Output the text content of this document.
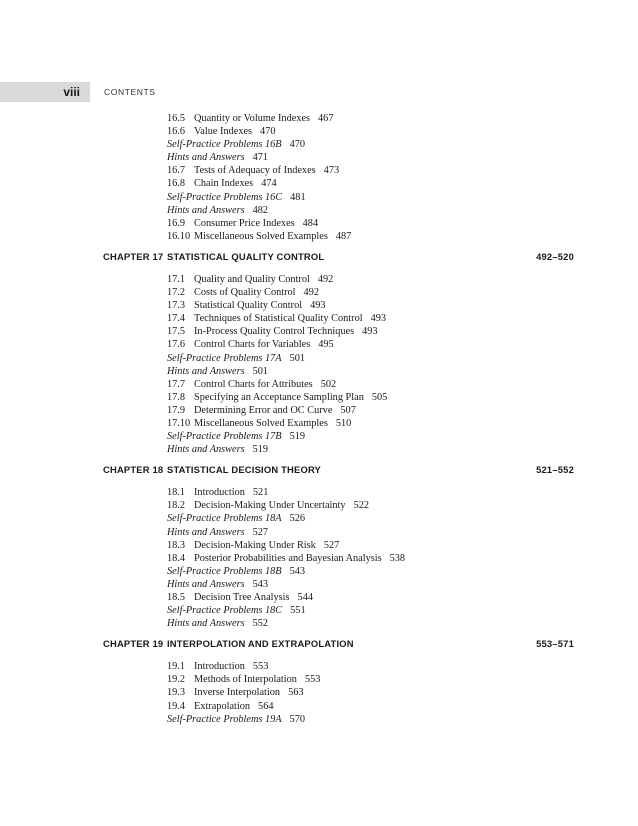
viii	CONTENTS
16.5 Quantity or Volume Indexes 467
16.6 Value Indexes 470
Self-Practice Problems 16B 470
Hints and Answers 471
16.7 Tests of Adequacy of Indexes 473
16.8 Chain Indexes 474
Self-Practice Problems 16C 481
Hints and Answers 482
16.9 Consumer Price Indexes 484
16.10 Miscellaneous Solved Examples 487
CHAPTER 17 STATISTICAL QUALITY CONTROL	492–520
17.1 Quality and Quality Control 492
17.2 Costs of Quality Control 492
17.3 Statistical Quality Control 493
17.4 Techniques of Statistical Quality Control 493
17.5 In-Process Quality Control Techniques 493
17.6 Control Charts for Variables 495
Self-Practice Problems 17A 501
Hints and Answers 501
17.7 Control Charts for Attributes 502
17.8 Specifying an Acceptance Sampling Plan 505
17.9 Determining Error and OC Curve 507
17.10 Miscellaneous Solved Examples 510
Self-Practice Problems 17B 519
Hints and Answers 519
CHAPTER 18 STATISTICAL DECISION THEORY	521–552
18.1 Introduction 521
18.2 Decision-Making Under Uncertainty 522
Self-Practice Problems 18A 526
Hints and Answers 527
18.3 Decision-Making Under Risk 527
18.4 Posterior Probabilities and Bayesian Analysis 538
Self-Practice Problems 18B 543
Hints and Answers 543
18.5 Decision Tree Analysis 544
Self-Practice Problems 18C 551
Hints and Answers 552
CHAPTER 19 INTERPOLATION AND EXTRAPOLATION	553–571
19.1 Introduction 553
19.2 Methods of Interpolation 553
19.3 Inverse Interpolation 563
19.4 Extrapolation 564
Self-Practice Problems 19A 570
